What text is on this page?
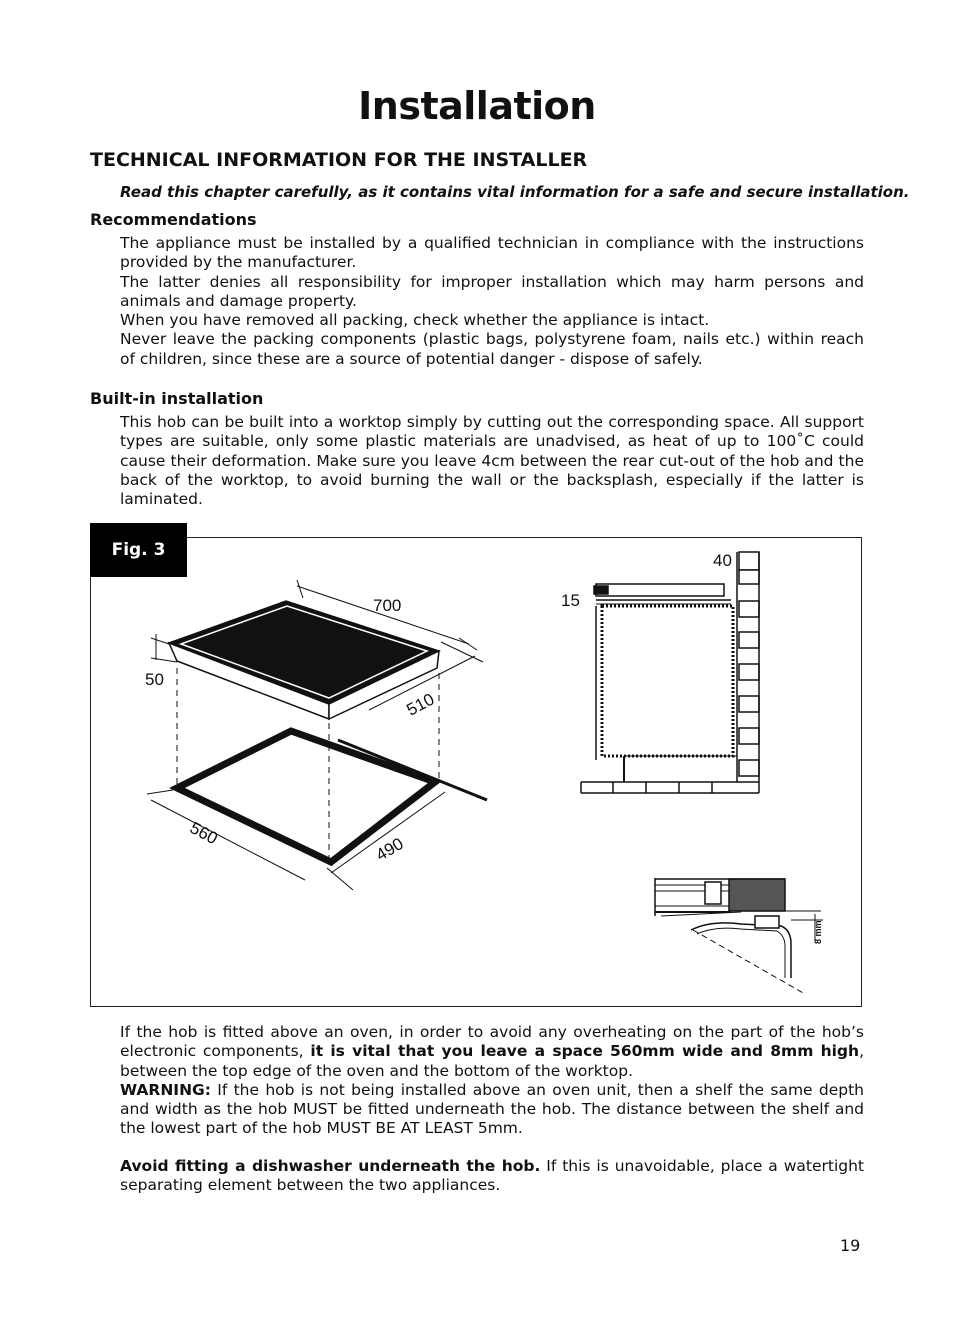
Installation
TECHNICAL INFORMATION FOR THE INSTALLER
Read this chapter carefully, as it contains vital information for a safe and secure installation.
Recommendations

The appliance must be installed by a qualified technician in compliance with the instructions provided by the manufacturer.

The latter denies all responsibility for improper installation which may harm persons and animals and damage property.

When you have removed all packing, check whether the appliance is intact.

Never leave the packing components (plastic bags, polystyrene foam, nails etc.) within reach of children, since these are a source of potential danger - dispose of safely.

Built-in installation

This hob can be built into a worktop simply by cutting out the corresponding space. All support types are suitable, only some plastic materials are unadvised, as heat of up to 100˚C could cause their deformation. Make sure you leave 4cm between the rear cut-out of the hob and the back of the worktop, to avoid burning the wall or the backsplash, especially if the latter is laminated.

Fig. 3
700
50
510
560
490
40
15
8 mm

If the hob is fitted above an oven, in order to avoid any overheating on the part of the hob’s electronic components, it is vital that you leave a space 560mm wide and 8mm high, between the top edge of the oven and the bottom of the worktop.

WARNING: If the hob is not being installed above an oven unit, then a shelf the same depth and width as the hob MUST be fitted underneath the hob. The distance between the shelf and the lowest part of the hob MUST BE AT LEAST 5mm.

Avoid fitting a dishwasher underneath the hob. If this is unavoidable, place a watertight separating element between the two appliances.

19
